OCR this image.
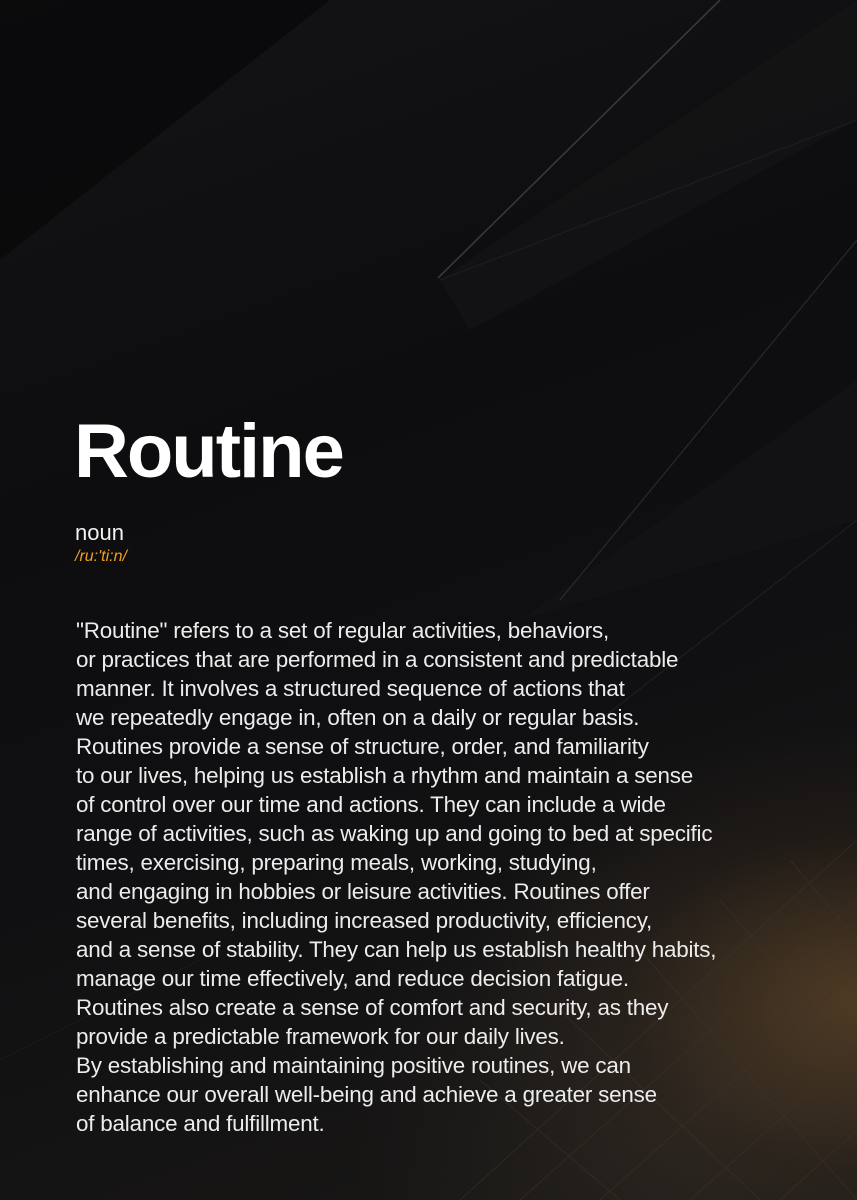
Routine
noun
/ru:'ti:n/
"Routine" refers to a set of regular activities, behaviors,
or practices that are performed in a consistent and predictable
manner. It involves a structured sequence of actions that
we repeatedly engage in, often on a daily or regular basis.
Routines provide a sense of structure, order, and familiarity
to our lives, helping us establish a rhythm and maintain a sense
of control over our time and actions. They can include a wide
range of activities, such as waking up and going to bed at specific
times, exercising, preparing meals, working, studying,
and engaging in hobbies or leisure activities. Routines offer
several benefits, including increased productivity, efficiency,
and a sense of stability. They can help us establish healthy habits,
manage our time effectively, and reduce decision fatigue.
Routines also create a sense of comfort and security, as they
provide a predictable framework for our daily lives.
By establishing and maintaining positive routines, we can
enhance our overall well-being and achieve a greater sense
of balance and fulfillment.
